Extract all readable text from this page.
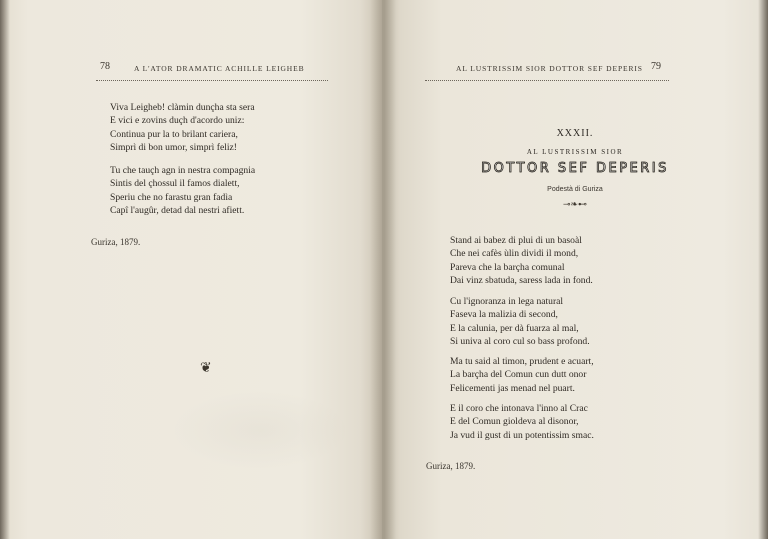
78	A L'ATOR DRAMATIC ACHILLE LEIGHEB
Viva Leigheb! clàmin dunçha sta sera
E vici e zovins duçh d'acordo uniz:
Continua pur la to brilant cariera,
Simprì di bon umor, simprì feliz!
Tu che tauçh agn in nestra compagnia
Sintis del çhossul il famos dialett,
Speriu che no farastu gran fadìa
Capî l'augûr, detad dal nestri afiett.
Guriza, 1879.
❦
AL LUSTRISSIM SIOR DOTTOR SEF DEPERIS 79
XXXII.
AL LUSTRISSIM SIOR
DOTTOR SEF DEPERIS
Podestà di Guriza
⊸❧⊷
Stand ai babez di plui di un basoàl
Che nei cafès ùlin dividi il mond,
Pareva che la barçha comunal
Dai vinz sbatuda, saress lada in fond.
Cu l'ignoranza in lega natural
Faseva la malizia di second,
E la calunia, per dà fuarza al mal,
Si univa al coro cul so bass profond.
Ma tu said al timon, prudent e acuart,
La barçha del Comun cun dutt onor
Felicementi jas menad nel puart.
E il coro che intonava l'inno al Crac
E del Comun gioldeva al disonor,
Ja vud il gust di un potentissim smac.
Guriza, 1879.
